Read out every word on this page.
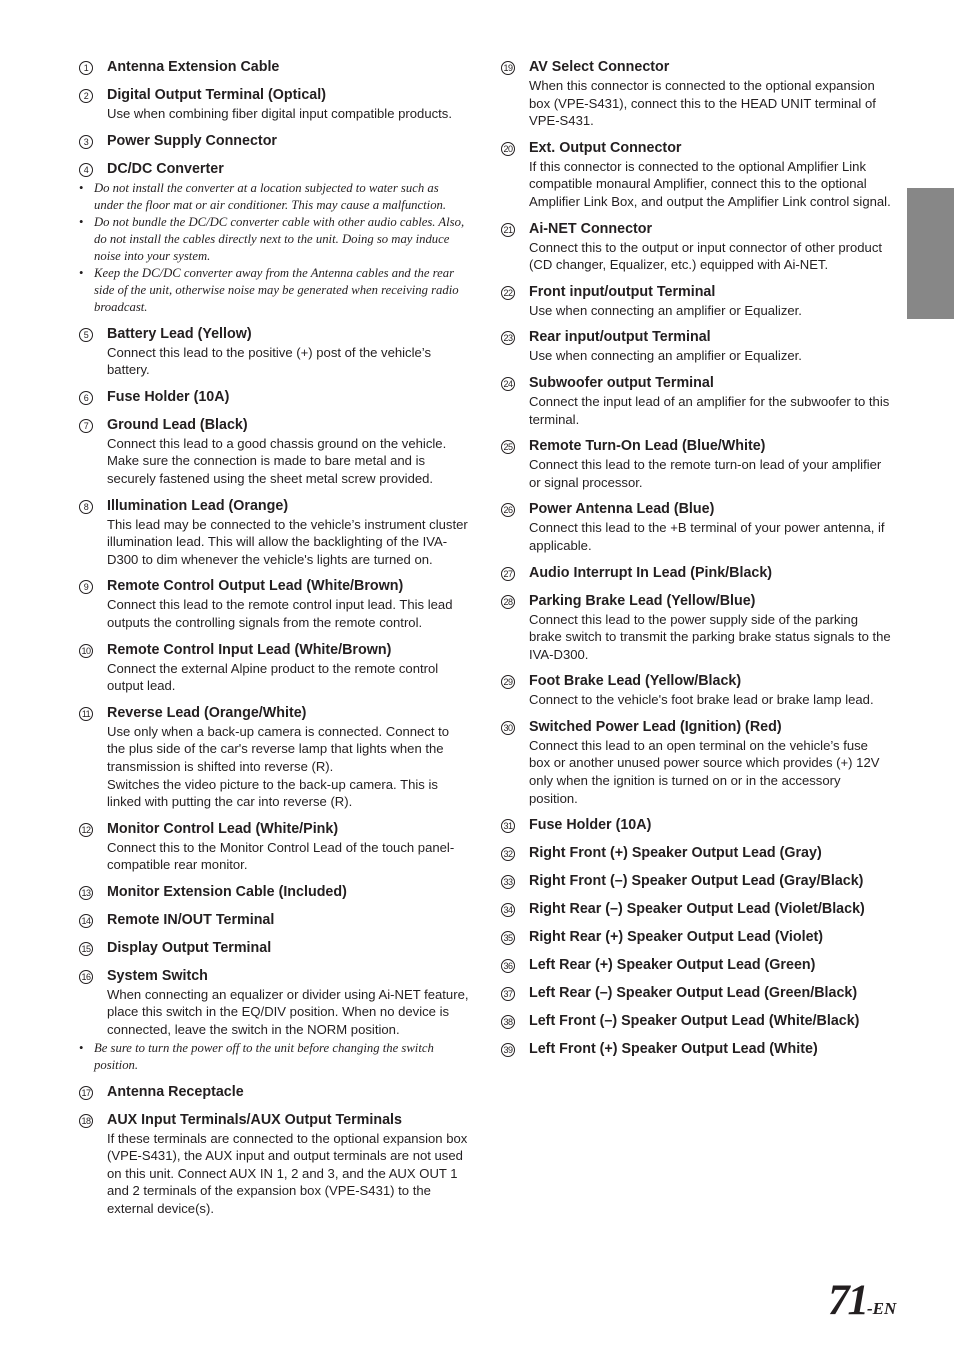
1	Antenna Extension Cable
2	Digital Output Terminal (Optical)

Use when combining fiber digital input compatible products.

3	Power Supply Connector
4	DC/DC Converter
• Do not install the converter at a location subjected to water such as under the floor mat or air conditioner. This may cause a malfunction.
• Do not bundle the DC/DC converter cable with other audio cables. Also, do not install the cables directly next to the unit. Doing so may induce noise into your system.
• Keep the DC/DC converter away from the Antenna cables and the rear side of the unit, otherwise noise may be generated when receiving radio broadcast.
5	Battery Lead (Yellow)

Connect this lead to the positive (+) post of the vehicle’s battery.

6	Fuse Holder (10A)
7	Ground Lead (Black)

Connect this lead to a good chassis ground on the vehicle. Make sure the connection is made to bare metal and is securely fastened using the sheet metal screw provided.

8	Illumination Lead (Orange)

This lead may be connected to the vehicle’s instrument cluster illumination lead. This will allow the backlighting of the IVA-D300 to dim whenever the vehicle's lights are turned on.

9	Remote Control Output Lead (White/Brown)

Connect this lead to the remote control input lead. This lead outputs the controlling signals from the remote control.

10 Remote Control Input Lead (White/Brown)

Connect the external Alpine product to the remote control output lead.

11 Reverse Lead (Orange/White)

Use only when a back-up camera is connected. Connect to the plus side of the car's reverse lamp that lights when the transmission is shifted into reverse (R).

Switches the video picture to the back-up camera. This is linked with putting the car into reverse (R).

12 Monitor Control Lead (White/Pink)

Connect this to the Monitor Control Lead of the touch panel-compatible rear monitor.

13 Monitor Extension Cable (Included)
14 Remote IN/OUT Terminal
15 Display Output Terminal
16 System Switch

When connecting an equalizer or divider using Ai-NET feature, place this switch in the EQ/DIV position. When no device is connected, leave the switch in the NORM position.

• Be sure to turn the power off to the unit before changing the switch position.
17 Antenna Receptacle
18 AUX Input Terminals/AUX Output Terminals

If these terminals are connected to the optional expansion box (VPE-S431), the AUX input and output terminals are not used on this unit. Connect AUX IN 1, 2 and 3, and the AUX OUT 1 and 2 terminals of the expansion box (VPE-S431) to the external device(s).

19 AV Select Connector

When this connector is connected to the optional expansion box (VPE-S431), connect this to the HEAD UNIT terminal of VPE-S431.

20 Ext. Output Connector

If this connector is connected to the optional Amplifier Link compatible monaural Amplifier, connect this to the optional Amplifier Link Box, and output the Amplifier Link control signal.

21 Ai-NET Connector

Connect this to the output or input connector of other product (CD changer, Equalizer, etc.) equipped with Ai-NET.

22 Front input/output Terminal

Use when connecting an amplifier or Equalizer.

23 Rear input/output Terminal

Use when connecting an amplifier or Equalizer.

24 Subwoofer output Terminal

Connect the input lead of an amplifier for the subwoofer to this terminal.

25 Remote Turn-On Lead (Blue/White)

Connect this lead to the remote turn-on lead of your amplifier or signal processor.

26 Power Antenna Lead (Blue)

Connect this lead to the +B terminal of your power antenna, if applicable.

27 Audio Interrupt In Lead (Pink/Black)
28 Parking Brake Lead (Yellow/Blue)

Connect this lead to the power supply side of the parking brake switch to transmit the parking brake status signals to the IVA-D300.

29 Foot Brake Lead (Yellow/Black)

Connect to the vehicle's foot brake lead or brake lamp lead.

30 Switched Power Lead (Ignition) (Red)

Connect this lead to an open terminal on the vehicle’s fuse box or another unused power source which provides (+) 12V only when the ignition is turned on or in the accessory position.

31 Fuse Holder (10A)
32 Right Front (+) Speaker Output Lead (Gray)
33 Right Front (–) Speaker Output Lead (Gray/Black)
34 Right Rear (–) Speaker Output Lead (Violet/Black)
35 Right Rear (+) Speaker Output Lead (Violet)
36 Left Rear (+) Speaker Output Lead (Green)
37 Left Rear (–) Speaker Output Lead (Green/Black)
38 Left Front (–) Speaker Output Lead (White/Black)
39 Left Front (+) Speaker Output Lead (White)
71-EN
